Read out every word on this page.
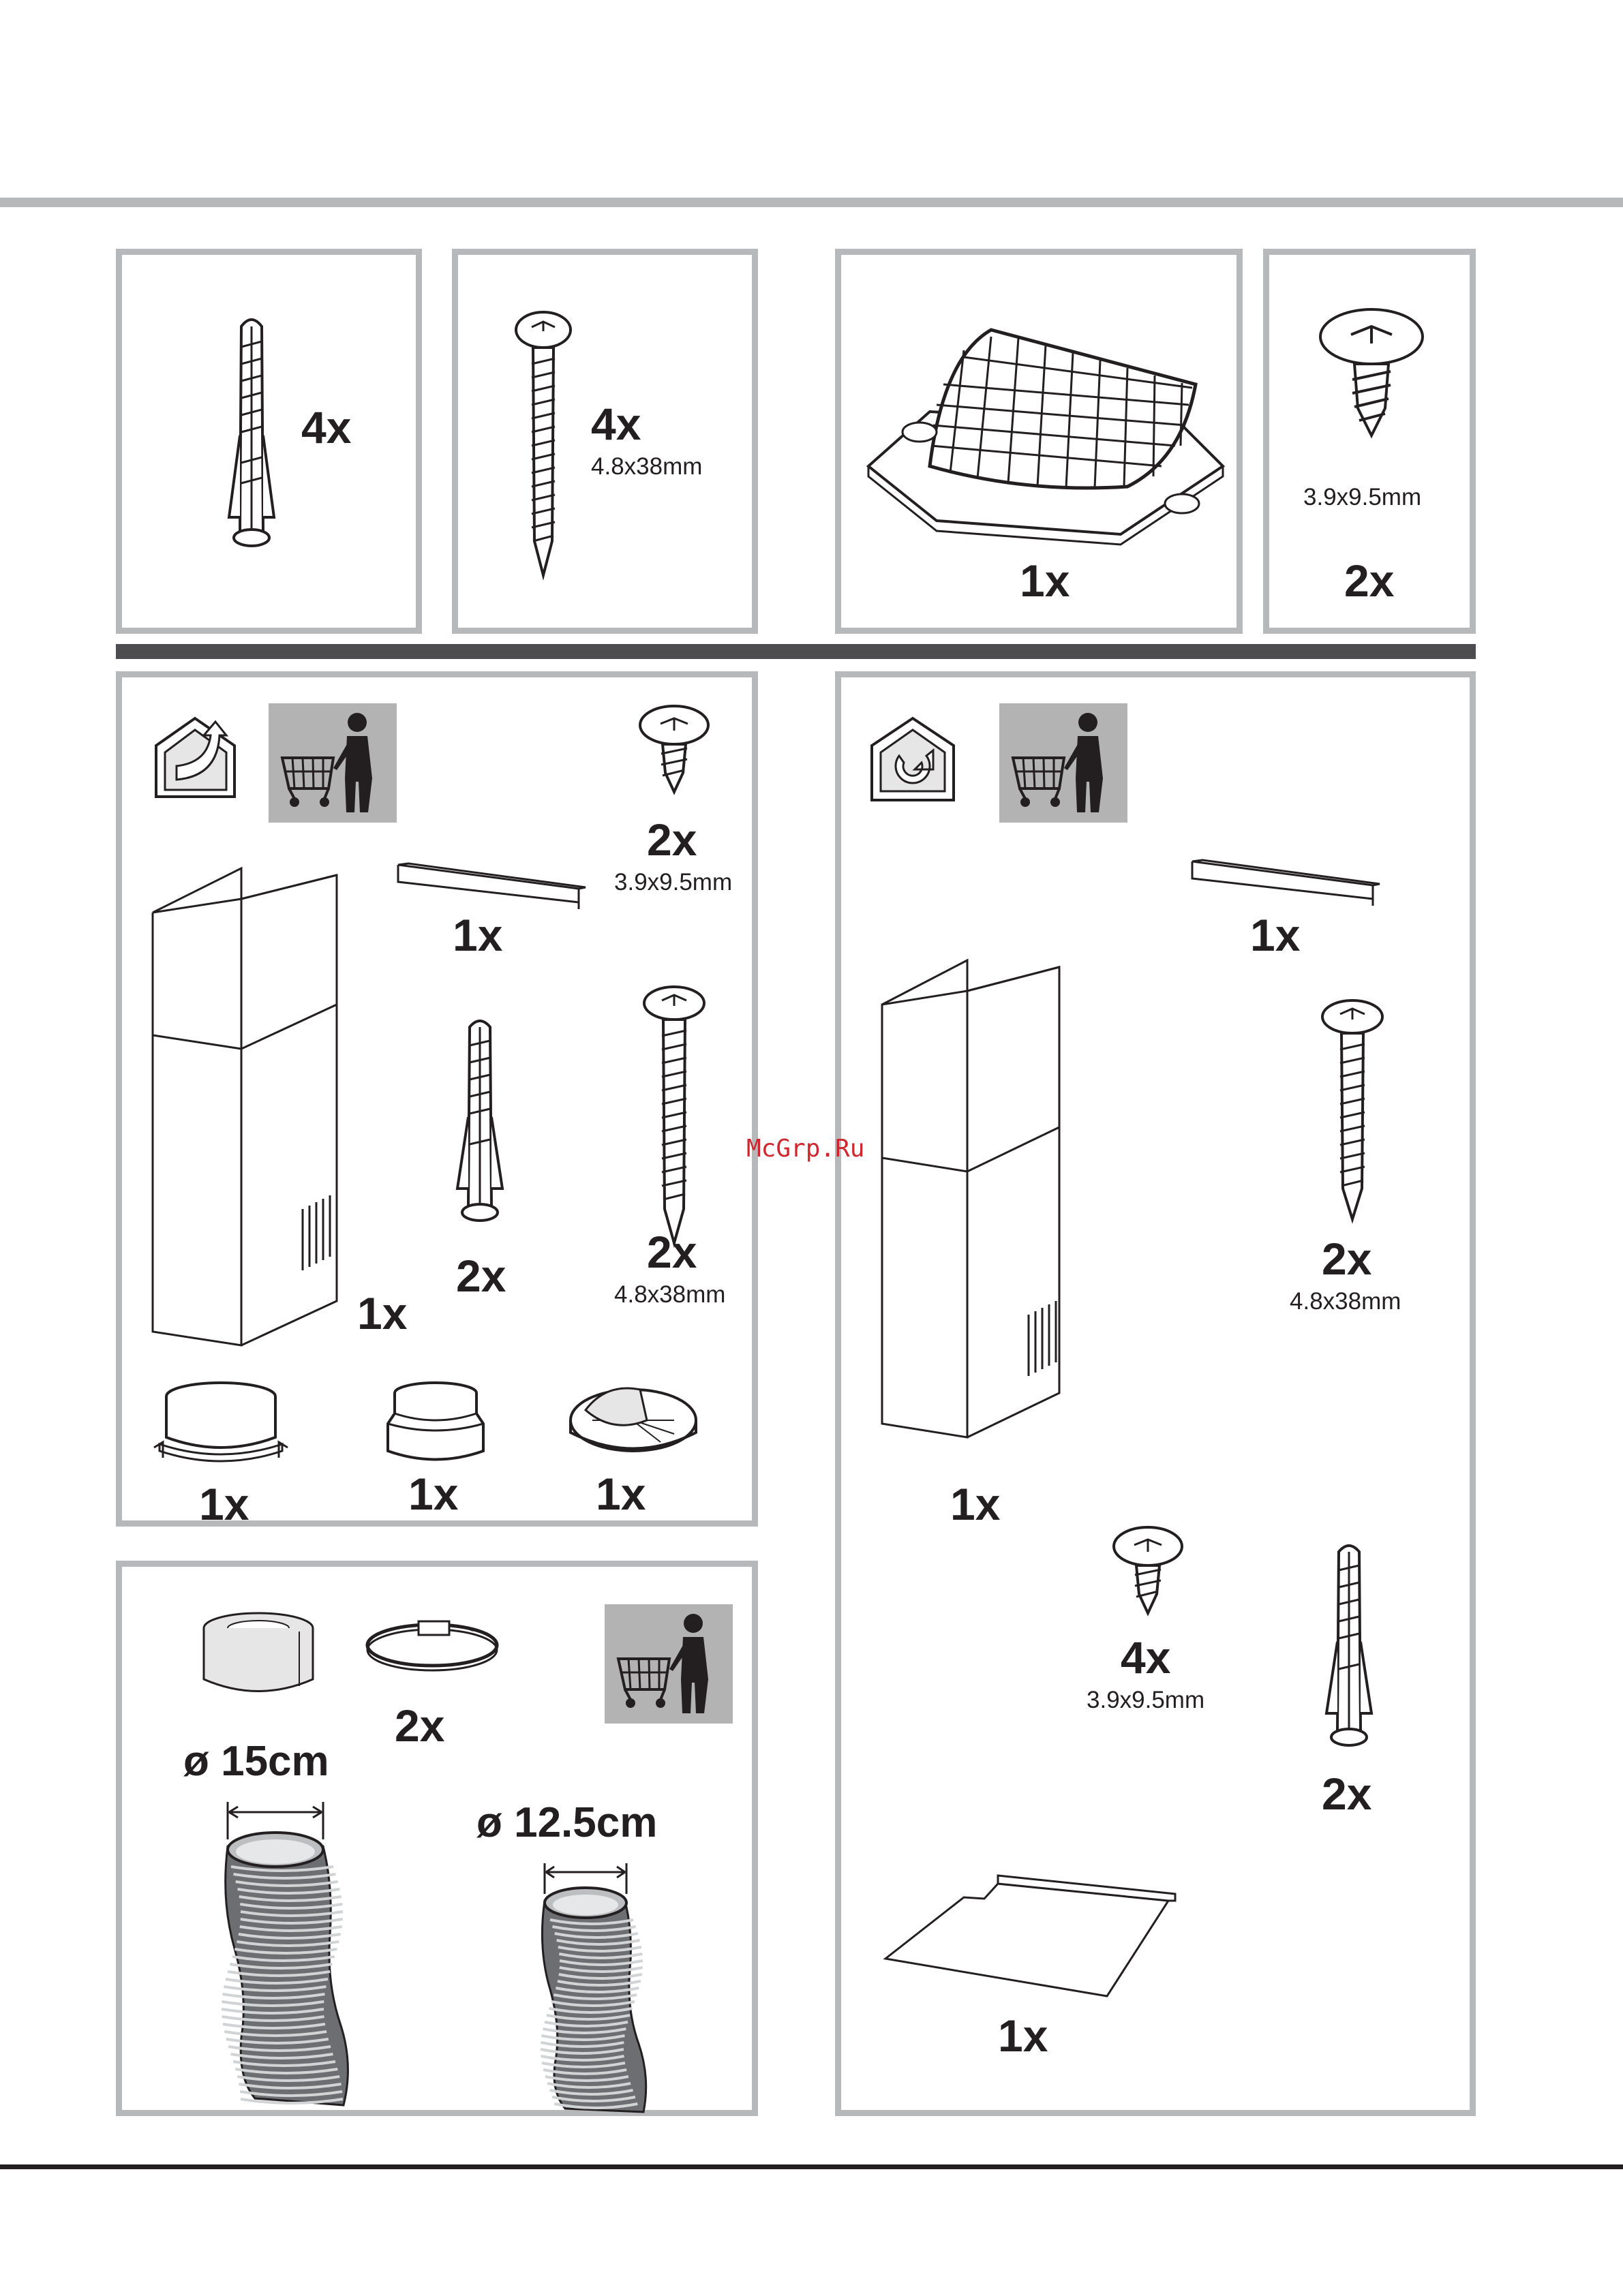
4x	4x
4.8x38mm
1x
3.9x9.5mm
2x
2x
3.9x9.5mm
1x
1x
2x	2x
4.8x38mm
1x	1x	1x
2x
ø 15cm
ø 12.5cm
1x
1x
2x
4.8x38mm
4x
3.9x9.5mm
2x
1x
McGrp.Ru
